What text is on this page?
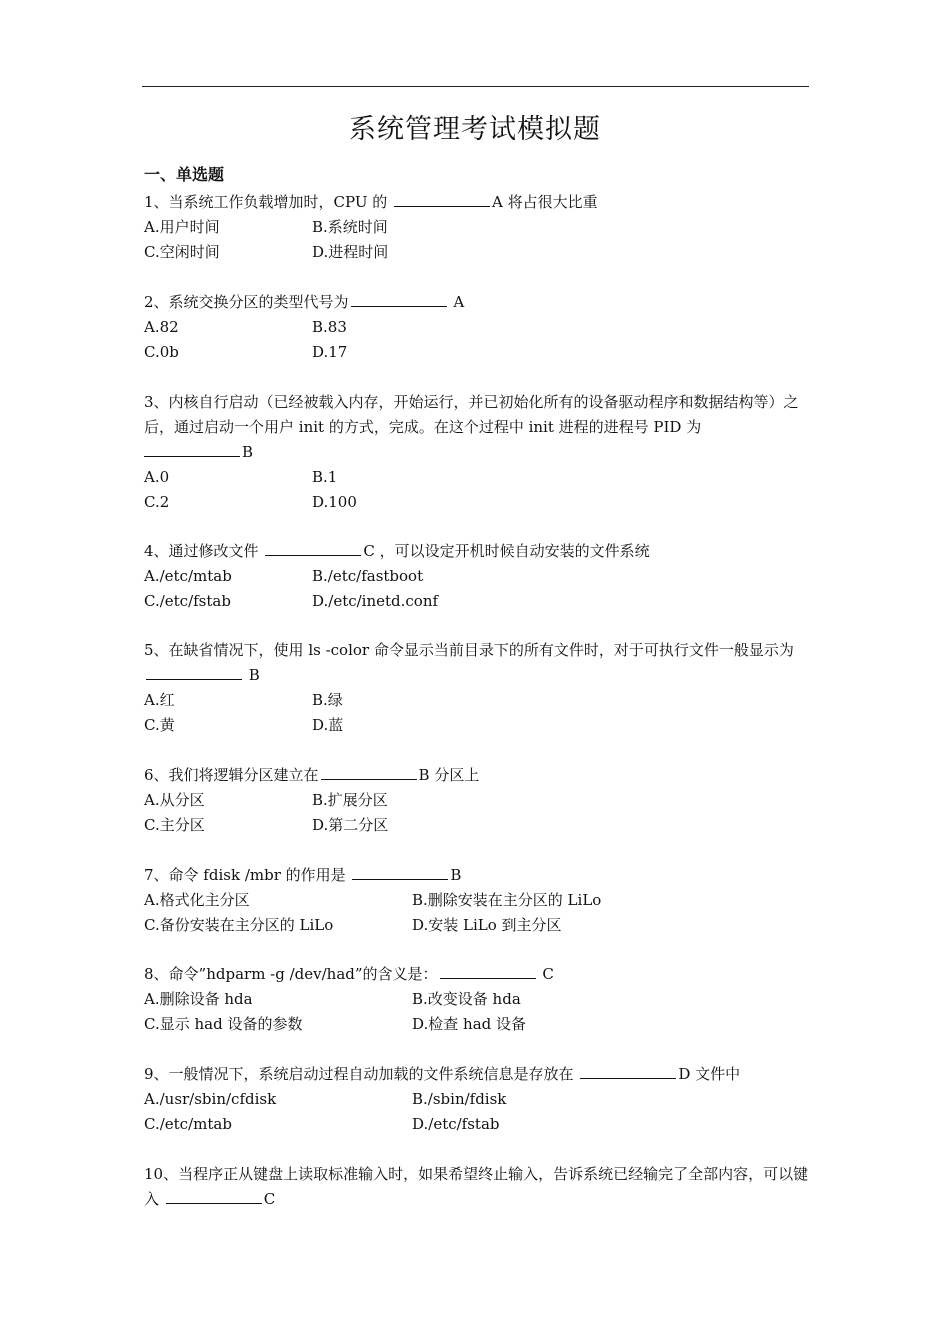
系统管理考试模拟题
一、单选题
1、当系统工作负载增加时，CPU 的	A 将占很大比重
A.用户时间	B.系统时间
C.空闲时间	D.进程时间
2、系统交换分区的类型代号为	A
A.82	B.83
C.0b	D.17
3、内核自行启动（已经被载入内存，开始运行，并已初始化所有的设备驱动程序和数据结构等）之后，通过启动一个用户 init 的方式，完成。在这个过程中 init 进程的进程号 PID 为
B
A.0	B.1
C.2	D.100
4、通过修改文件	C ，可以设定开机时候自动安装的文件系统
A./etc/mtab	B./etc/fastboot
C./etc/fstab	D./etc/inetd.conf
5、在缺省情况下，使用 ls -color 命令显示当前目录下的所有文件时，对于可执行文件一般显示为 B
A.红	B.绿
C.黄	D.蓝
6、我们将逻辑分区建立在	B 分区上
A.从分区	B.扩展分区
C.主分区	D.第二分区
7、命令 fdisk /mbr 的作用是	B
A.格式化主分区	B.删除安装在主分区的 LiLo
C.备份安装在主分区的 LiLo	D.安装 LiLo 到主分区
8、命令”hdparm -g /dev/had”的含义是：	C
A.删除设备 hda	B.改变设备 hda
C.显示 had 设备的参数	D.检查 had 设备
9、一般情况下，系统启动过程自动加载的文件系统信息是存放在	D 文件中
A./usr/sbin/cfdisk	B./sbin/fdisk
C./etc/mtab	D./etc/fstab
10、当程序正从键盘上读取标准输入时，如果希望终止输入，告诉系统已经输完了全部内容，可以键入	C
